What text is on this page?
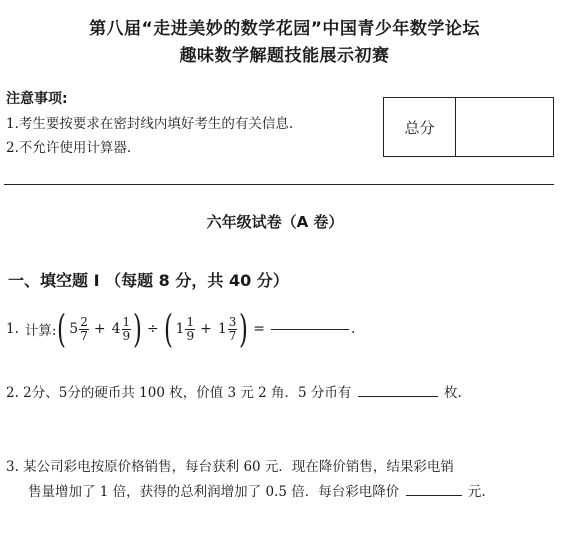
第八届“走进美妙的数学花园”中国青少年数学论坛
趣味数学解题技能展示初赛
注意事项:
1.考生要按要求在密封线内填好考生的有关信息.
2.不允许使用计算器.
总分
六年级试卷（A 卷）
一、填空题 I （每题 8 分，共 40 分）
1. 计算: ( $5 \frac{2}{7} + 4 \frac{1}{9}$ ) ÷ ( $1 \frac{1}{9} + 1 \frac{3}{7}$ ) =	.
2. 2分、5分的硬币共 100 枚，价值 3 元 2 角．5 分币有	枚.
3. 某公司彩电按原价格销售，每台获利 60 元．现在降价销售，结果彩电销
售量增加了 1 倍，获得的总利润增加了 0.5 倍．每台彩电降价	元.
